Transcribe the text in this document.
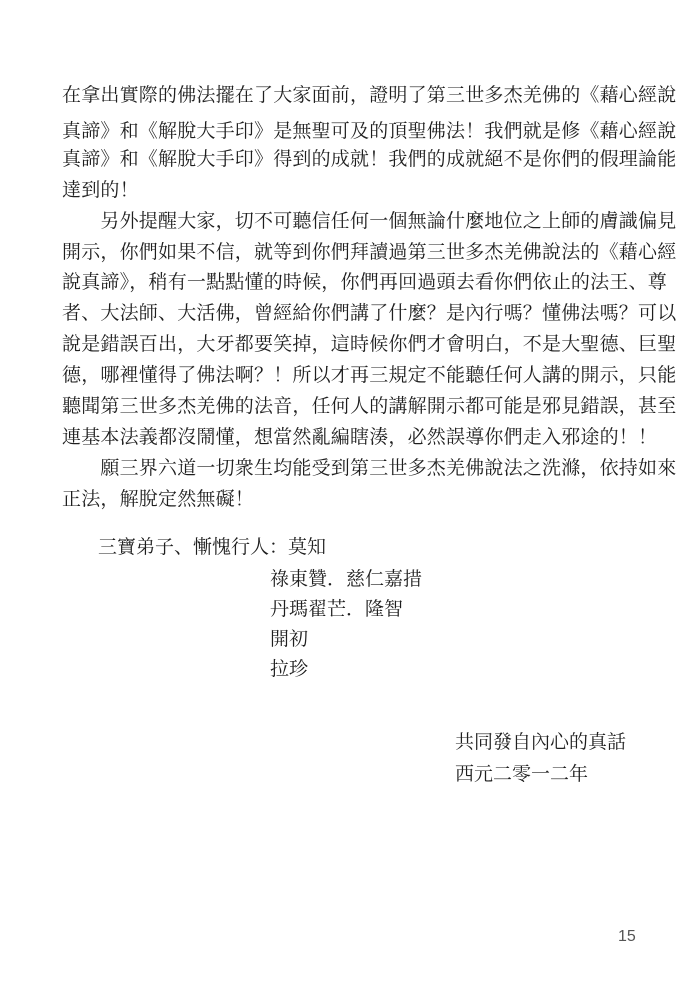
在拿出實際的佛法擺在了大家面前，證明了第三世多杰羌佛的《藉心經說
真諦》和《解脫大手印》是無聖可及的頂聖佛法！我們就是修《藉心經說
真諦》和《解脫大手印》得到的成就！我們的成就絕不是你們的假理論能
達到的！
　　另外提醒大家，切不可聽信任何一個無論什麼地位之上師的膚識偏見
開示，你們如果不信，就等到你們拜讀過第三世多杰羌佛說法的《藉心經
說真諦》，稍有一點點懂的時候，你們再回過頭去看你們依止的法王、尊
者、大法師、大活佛，曾經給你們講了什麼？是內行嗎？懂佛法嗎？可以
說是錯誤百出，大牙都要笑掉，這時候你們才會明白，不是大聖德、巨聖
德，哪裡懂得了佛法啊？！所以才再三規定不能聽任何人講的開示，只能
聽聞第三世多杰羌佛的法音，任何人的講解開示都可能是邪見錯誤，甚至
連基本法義都沒鬧懂，想當然亂編瞎湊，必然誤導你們走入邪途的！！
　　願三界六道一切衆生均能受到第三世多杰羌佛說法之洗滌，依持如來
正法，解脫定然無礙！
三寶弟子、慚愧行人：莫知
祿東贊．慈仁嘉措
丹瑪翟芒．隆智
開初
拉珍
共同發自內心的真話
西元二零一二年
15
